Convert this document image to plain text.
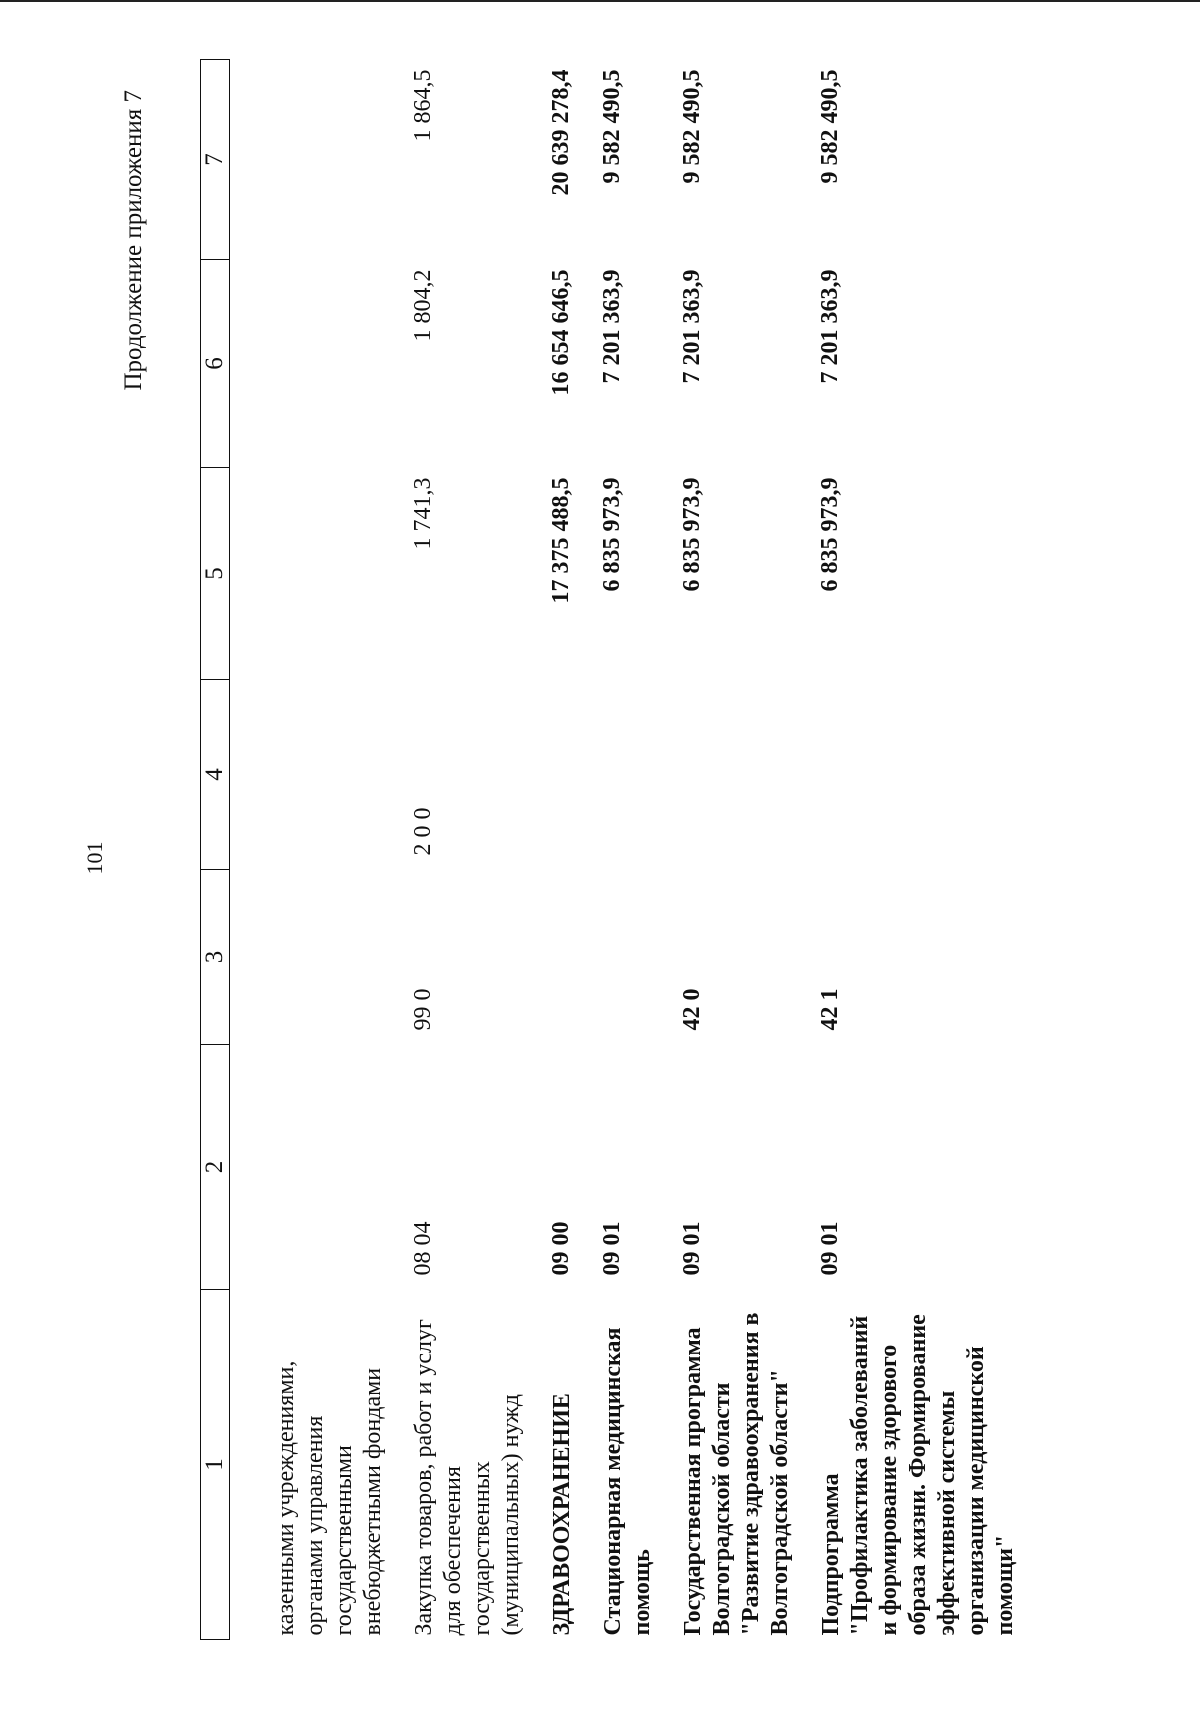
101
Продолжение приложения 7
1	2	3	4	5	6	7
казенными учреждениями, органами управления государственными внебюджетными фондами						
Закупка товаров, работ и услуг для обеспечения государственных (муниципальных) нужд	08 04	99 0	2 0 0	1 741,3	1 804,2	1 864,5
ЗДРАВООХРАНЕНИЕ	09 00			17 375 488,5	16 654 646,5	20 639 278,4
Стационарная медицинская помощь	09 01			6 835 973,9	7 201 363,9	9 582 490,5
Государственная программа Волгоградской области "Развитие здравоохранения в Волгоградской области"	09 01	42 0		6 835 973,9	7 201 363,9	9 582 490,5
Подпрограмма "Профилактика заболеваний и формирование здорового образа жизни. Формирование эффективной системы организации медицинской помощи"	09 01	42 1		6 835 973,9	7 201 363,9	9 582 490,5
